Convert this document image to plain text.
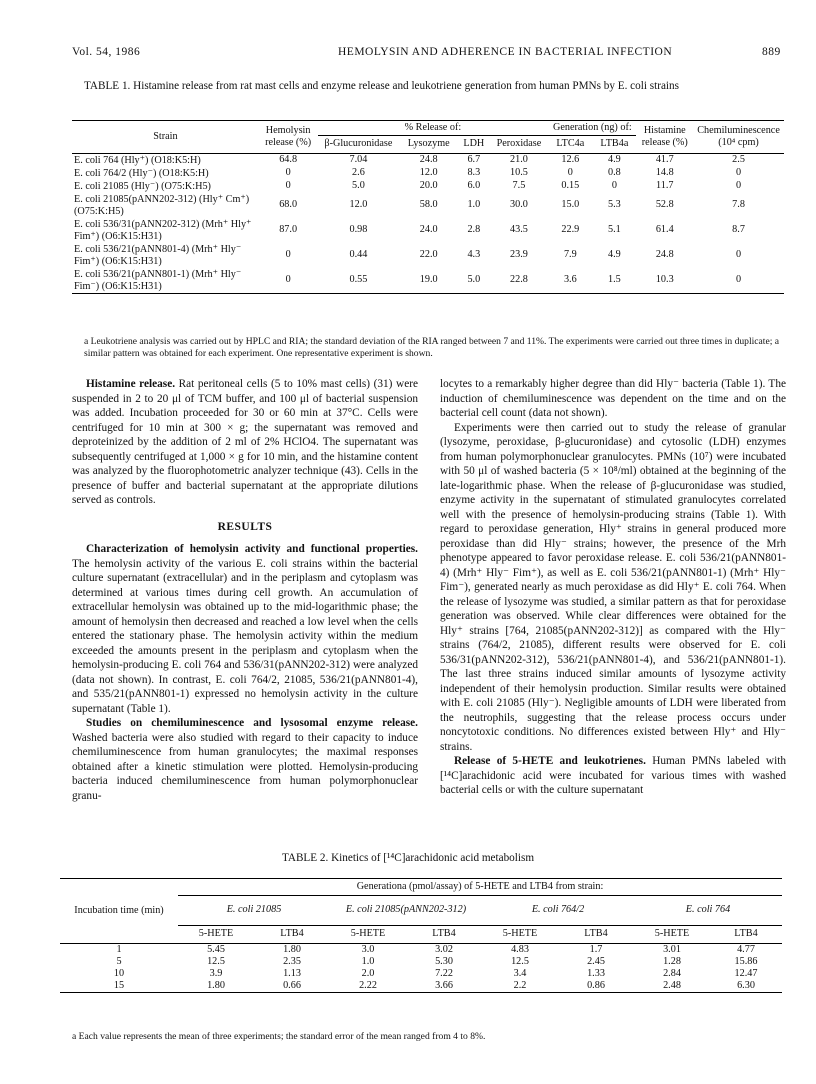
Vol. 54, 1986	HEMOLYSIN AND ADHERENCE IN BACTERIAL INFECTION	889
TABLE 1. Histamine release from rat mast cells and enzyme release and leukotriene generation from human PMNs by E. coli strains

Strain	Hemolysin release (%)	% Release of:				Generation (ng) of:		Histamine release (%)	Chemiluminescence (10⁴ cpm)
		β-Glucuronidase	Lysozyme	LDH	Peroxidase	LTC4a	LTB4a		

E. coli 764 (Hly⁺) (O18:K5:H)	64.8	7.04	24.8	6.7	21.0	12.6	4.9	41.7	2.5
E. coli 764/2 (Hly⁻) (O18:K5:H)	0	2.6	12.0	8.3	10.5	0	0.8	14.8	0
E. coli 21085 (Hly⁻) (O75:K:H5)	0	5.0	20.0	6.0	7.5	0.15	0	11.7	0
E. coli 21085(pANN202-312) (Hly⁺ Cm⁺) (O75:K:H5)	68.0	12.0	58.0	1.0	30.0	15.0	5.3	52.8	7.8
E. coli 536/31(pANN202-312) (Mrh⁺ Hly⁺ Fim⁺) (O6:K15:H31)	87.0	0.98	24.0	2.8	43.5	22.9	5.1	61.4	8.7
E. coli 536/21(pANN801-4) (Mrh⁺ Hly⁻ Fim⁺) (O6:K15:H31)	0	0.44	22.0	4.3	23.9	7.9	4.9	24.8	0
E. coli 536/21(pANN801-1) (Mrh⁺ Hly⁻ Fim⁻) (O6:K15:H31)	0	0.55	19.0	5.0	22.8	3.6	1.5	10.3	0

a Leukotriene analysis was carried out by HPLC and RIA; the standard deviation of the RIA ranged between 7 and 11%. The experiments were carried out three times in duplicate; a similar pattern was obtained for each experiment. One representative experiment is shown.

Histamine release. Rat peritoneal cells (5 to 10% mast cells) (31) were suspended in 2 to 20 μl of TCM buffer, and 100 μl of bacterial suspension was added. Incubation proceeded for 30 or 60 min at 37°C. Cells were centrifuged for 10 min at 300 × g; the supernatant was removed and deproteinized by the addition of 2 ml of 2% HClO4. The supernatant was subsequently centrifuged at 1,000 × g for 10 min, and the histamine content was analyzed by the fluorophotometric analyzer technique (43). Cells in the presence of buffer and bacterial supernatant at the appropriate dilutions served as controls.

RESULTS

Characterization of hemolysin activity and functional properties. The hemolysin activity of the various E. coli strains within the bacterial culture supernatant (extracellular) and in the periplasm and cytoplasm was determined at various times during cell growth. An accumulation of extracellular hemolysin was obtained up to the mid-logarithmic phase; the amount of hemolysin then decreased and reached a low level when the cells entered the stationary phase. The hemolysin activity within the medium exceeded the amounts present in the periplasm and cytoplasm when the hemolysin-producing E. coli 764 and 536/31(pANN202-312) were analyzed (data not shown). In contrast, E. coli 764/2, 21085, 536/21(pANN801-4), and 535/21(pANN801-1) expressed no hemolysin activity in the culture supernatant (Table 1).

Studies on chemiluminescence and lysosomal enzyme release. Washed bacteria were also studied with regard to their capacity to induce chemiluminescence from human granulocytes; the maximal responses obtained after a kinetic stimulation were plotted. Hemolysin-producing bacteria induced chemiluminescence from human polymorphonuclear granu-

locytes to a remarkably higher degree than did Hly⁻ bacteria (Table 1). The induction of chemiluminescence was dependent on the time and on the bacterial cell count (data not shown).

Experiments were then carried out to study the release of granular (lysozyme, peroxidase, β-glucuronidase) and cytosolic (LDH) enzymes from human polymorphonuclear granulocytes. PMNs (10⁷) were incubated with 50 μl of washed bacteria (5 × 10⁸/ml) obtained at the beginning of the late-logarithmic phase. When the release of β-glucuronidase was studied, enzyme activity in the supernatant of stimulated granulocytes correlated well with the presence of hemolysin-producing strains (Table 1). With regard to peroxidase generation, Hly⁺ strains in general produced more peroxidase than did Hly⁻ strains; however, the presence of the Mrh phenotype appeared to favor peroxidase release. E. coli 536/21(pANN801-4) (Mrh⁺ Hly⁻ Fim⁺), as well as E. coli 536/21(pANN801-1) (Mrh⁺ Hly⁻ Fim⁻), generated nearly as much peroxidase as did Hly⁺ E. coli 764. When the release of lysozyme was studied, a similar pattern as that for peroxidase generation was observed. While clear differences were obtained for the Hly⁺ strains [764, 21085(pANN202-312)] as compared with the Hly⁻ strains (764/2, 21085), different results were observed for E. coli 536/31(pANN202-312), 536/21(pANN801-4), and 536/21(pANN801-1). The last three strains induced similar amounts of lysozyme activity independent of their hemolysin production. Similar results were obtained with E. coli 21085 (Hly⁻). Negligible amounts of LDH were liberated from the neutrophils, suggesting that the release process occurs under noncytotoxic conditions. No differences existed between Hly⁺ and Hly⁻ strains.

Release of 5-HETE and leukotrienes. Human PMNs labeled with [¹⁴C]arachidonic acid were incubated for various times with washed bacterial cells or with the culture supernatant

TABLE 2. Kinetics of [¹⁴C]arachidonic acid metabolism

Incubation time (min)	Generationa (pmol/assay) of 5-HETE and LTB4 from strain:							
	E. coli 21085		E. coli 21085(pANN202-312)		E. coli 764/2		E. coli 764	
	5-HETE	LTB4	5-HETE	LTB4	5-HETE	LTB4	5-HETE	LTB4

1	5.45	1.80	3.0	3.02	4.83	1.7	3.01	4.77
5	12.5	2.35	1.0	5.30	12.5	2.45	1.28	15.86
10	3.9	1.13	2.0	7.22	3.4	1.33	2.84	12.47
15	1.80	0.66	2.22	3.66	2.2	0.86	2.48	6.30

a Each value represents the mean of three experiments; the standard error of the mean ranged from 4 to 8%.
